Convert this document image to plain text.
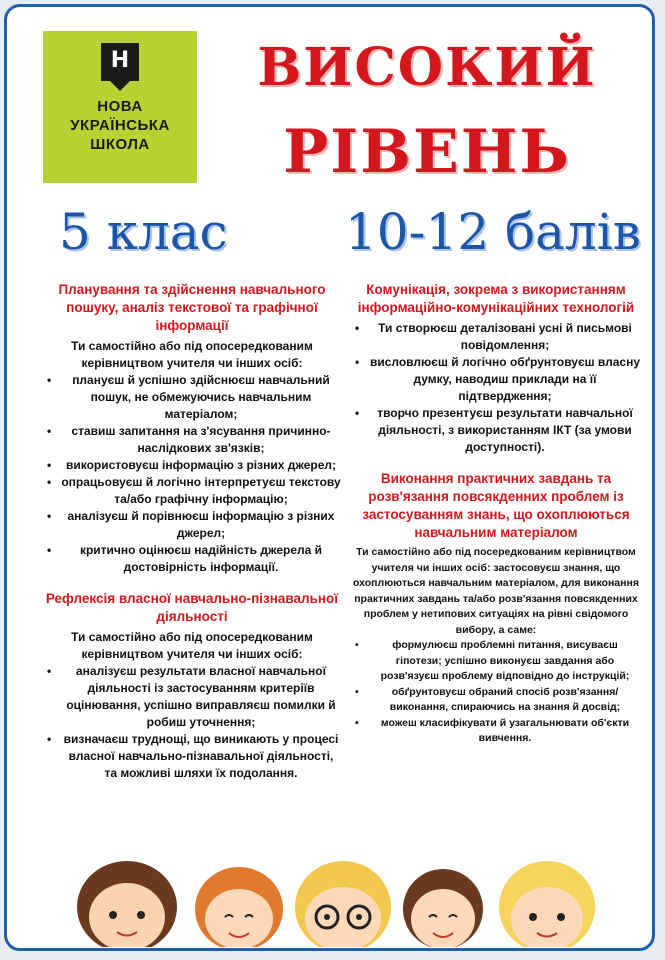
Н
НОВА
УКРАЇНСЬКА
ШКОЛА
ВИСОКИЙ
РІВЕНЬ
5 клас 10-12 балів
Планування та здійснення навчального пошуку, аналіз текстової та графічної інформації
Ти самостійно або під опосередкованим керівництвом учителя чи інших осіб:
• плануєш й успішно здійснюєш навчальний пошук, не обмежуючись навчальним матеріалом;
• ставиш запитання на з'ясування причинно-наслідкових зв'язків;
• використовуєш інформацію з різних джерел;
• опрацьовуєш й логічно інтерпретуєш текстову та/або графічну інформацію;
• аналізуєш й порівнюєш інформацію з різних джерел;
• критично оцінюєш надійність джерела й достовірність інформації.
Рефлексія власної навчально-пізнавальної діяльності
Ти самостійно або під опосередкованим керівництвом учителя чи інших осіб:
• аналізуєш результати власної навчальної діяльності із застосуванням критеріїв оцінювання, успішно виправляєш помилки й робиш уточнення;
• визначаєш труднощі, що виникають у процесі власної навчально-пізнавальної діяльності, та можливі шляхи їх подолання.
Комунікація, зокрема з використанням інформаційно-комунікаційних технологій
• Ти створюєш деталізовані усні й письмові повідомлення;
• висловлюєш й логічно обґрунтовуєш власну думку, наводиш приклади на її підтвердження;
• творчо презентуєш результати навчальної діяльності, з використанням ІКТ (за умови доступності).
Виконання практичних завдань та розв'язання повсякденних проблем із застосуванням знань, що охоплюються навчальним матеріалом
Ти самостійно або під посередкованим керівництвом учителя чи інших осіб: застосовуєш знання, що охоплюються навчальним матеріалом, для виконання практичних завдань та/або розв'язання повсякденних проблем у нетипових ситуаціях на рівні свідомого вибору, а саме:
• формулюєш проблемні питання, висуваєш гіпотези; успішно виконуєш завдання або розв'язуєш проблему відповідно до інструкцій;
• обґрунтовуєш обраний спосіб розв'язання/виконання, спираючись на знання й досвід;
• можеш класифікувати й узагальнювати об'єкти вивчення.
